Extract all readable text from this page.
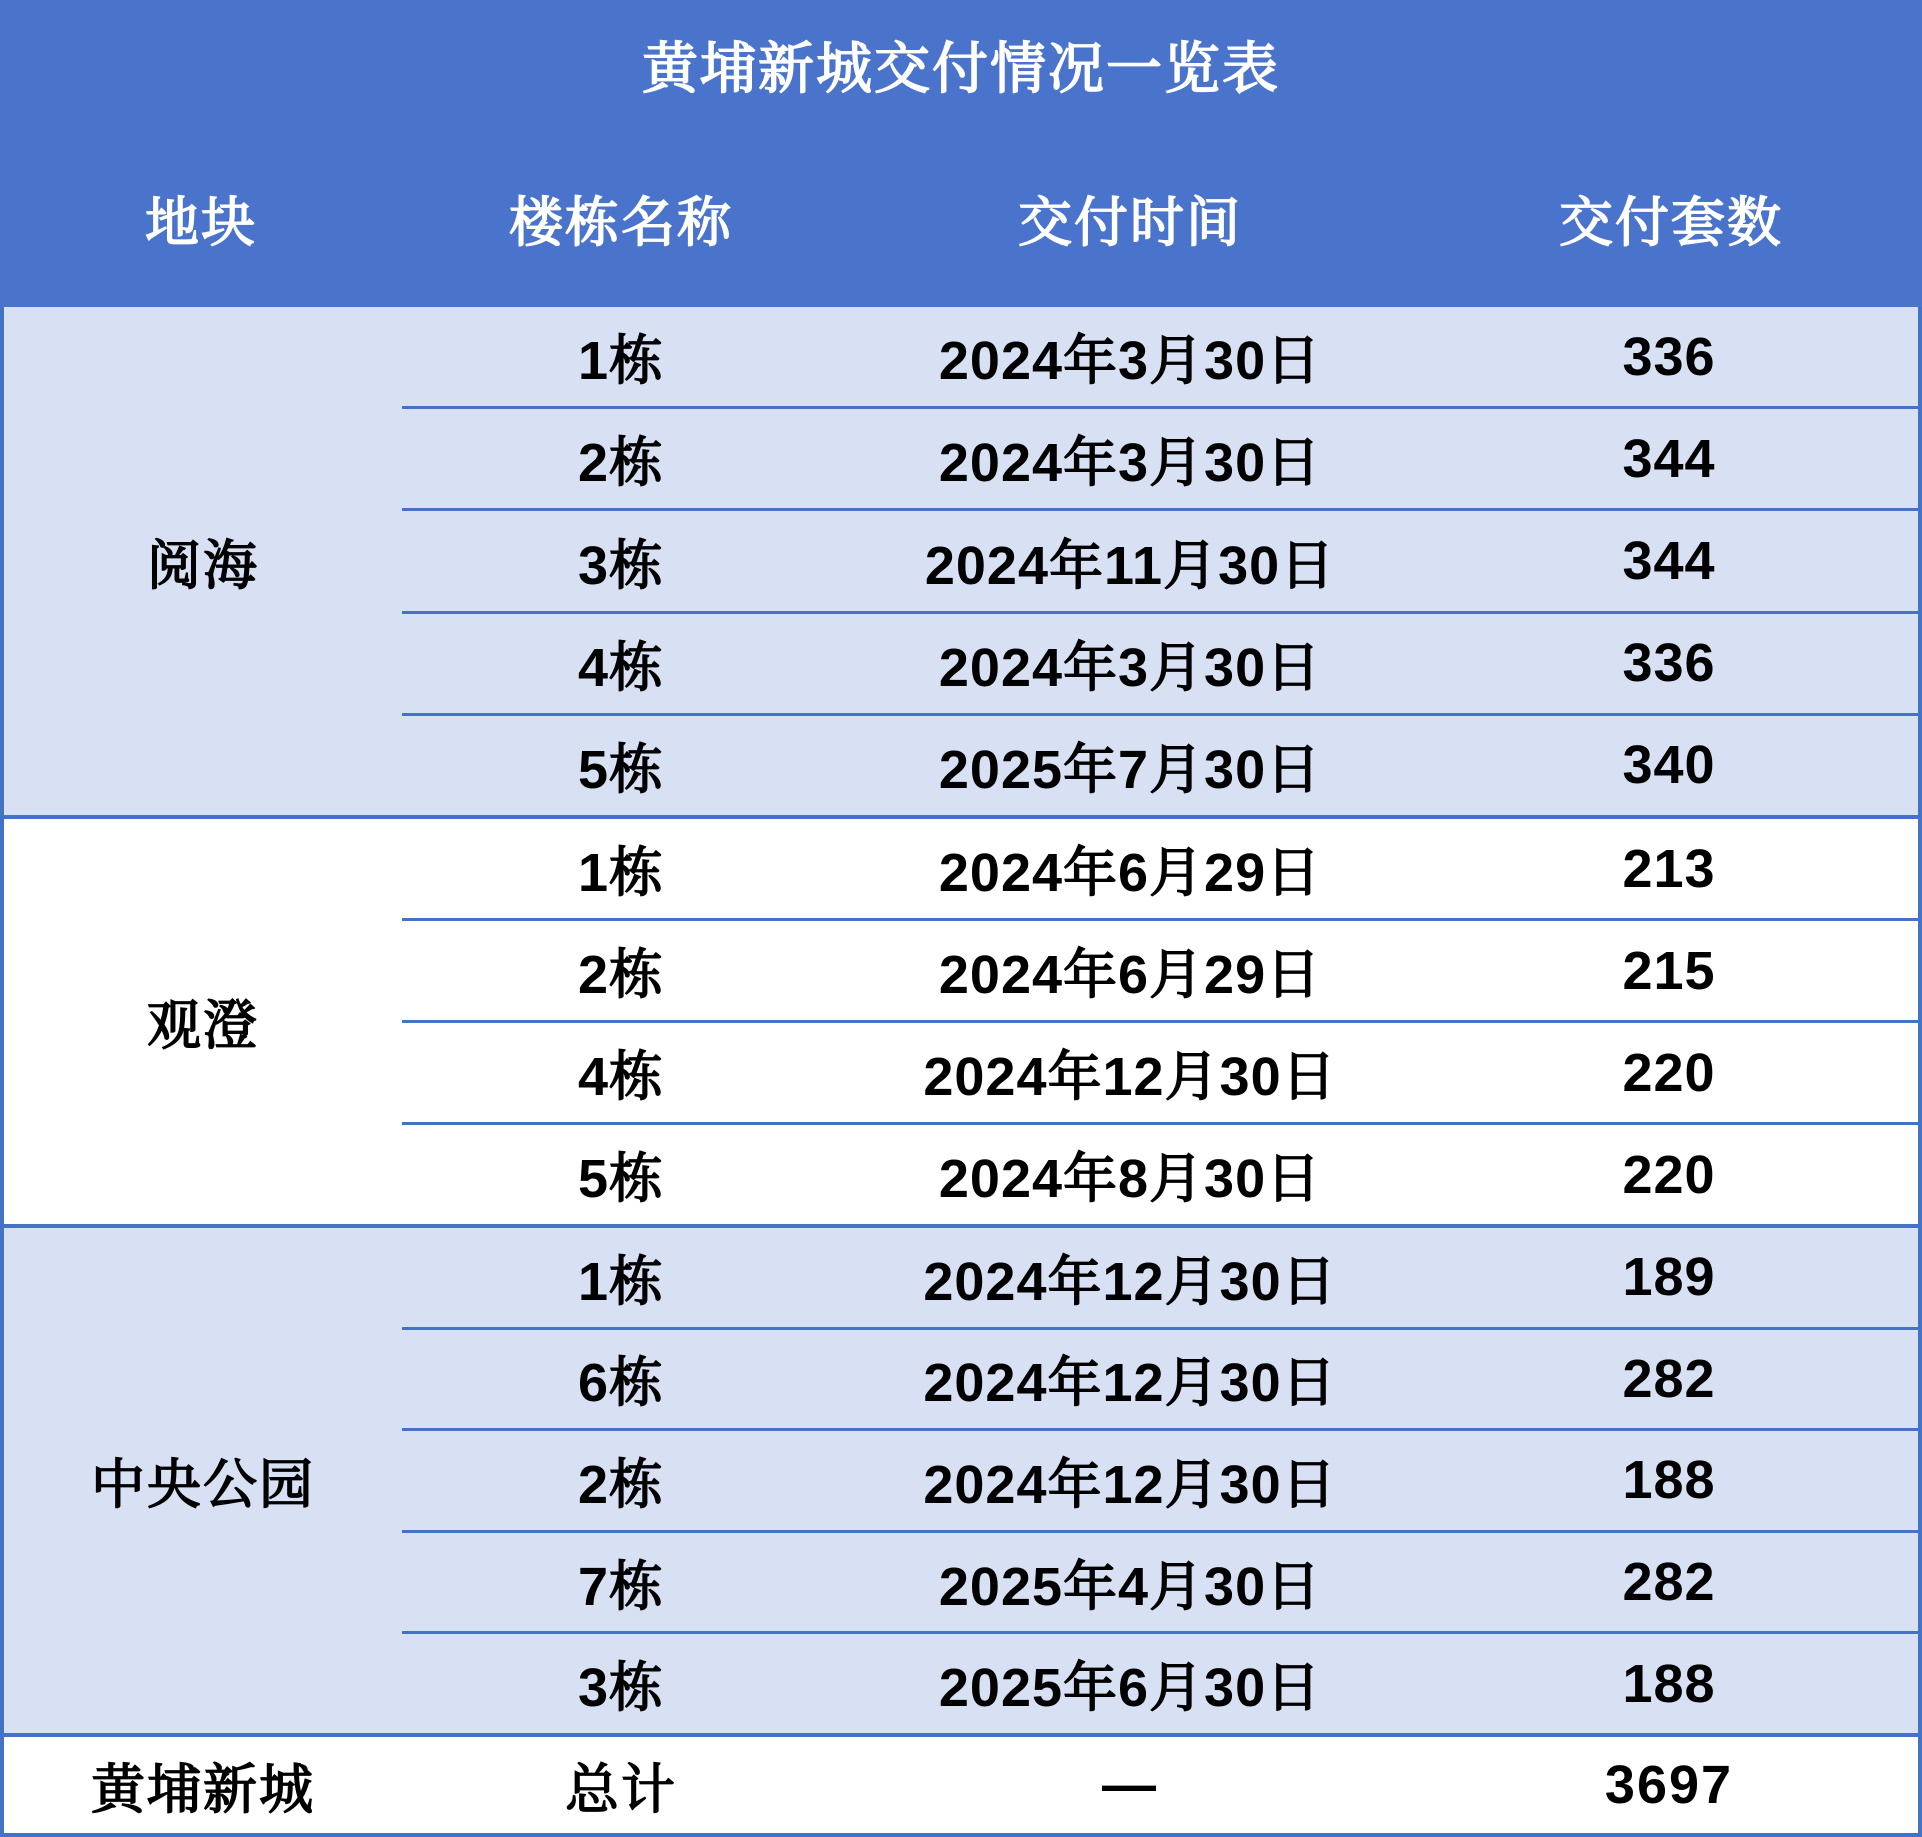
黄埔新城交付情况一览表
地块	楼栋名称	交付时间	交付套数
阅海
1栋	2024年3月30日	336
2栋	2024年3月30日	344
3栋	2024年11月30日	344
4栋	2024年3月30日	336
5栋	2025年7月30日	340
观澄
1栋	2024年6月29日	213
2栋	2024年6月29日	215
4栋	2024年12月30日	220
5栋	2024年8月30日	220
中央公园
1栋	2024年12月30日	189
6栋	2024年12月30日	282
2栋	2024年12月30日	188
7栋	2025年4月30日	282
3栋	2025年6月30日	188
黄埔新城	总计	—	3697
